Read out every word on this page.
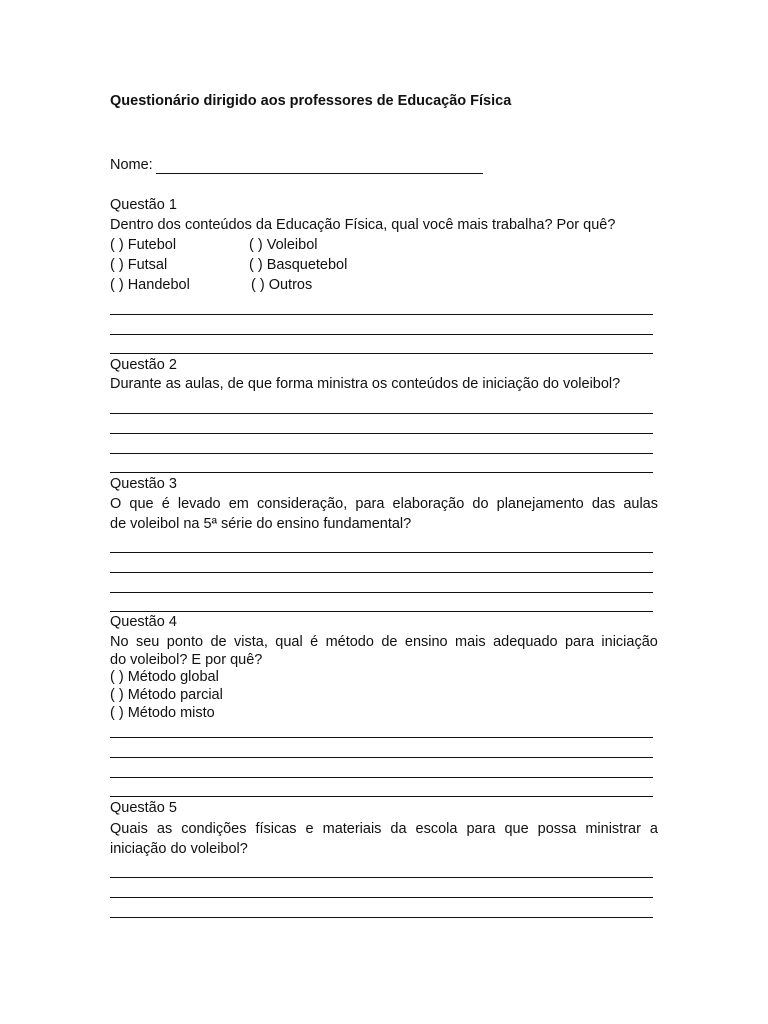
Questionário dirigido aos professores de Educação Física
Nome:
Questão 1
Dentro dos conteúdos da Educação Física, qual você mais trabalha? Por quê?
( ) Futebol	( ) Voleibol
( ) Futsal	( ) Basquetebol
( ) Handebol	( ) Outros
Questão 2
Durante as aulas, de que forma ministra os conteúdos de iniciação do voleibol?
Questão 3
O que é levado em consideração, para elaboração do planejamento das aulas
de voleibol na 5ª série do ensino fundamental?
Questão 4
No seu ponto de vista, qual é método de ensino mais adequado para iniciação
do voleibol? E por quê?
( ) Método global
( ) Método parcial
( ) Método misto
Questão 5
Quais as condições físicas e materiais da escola para que possa ministrar a
iniciação do voleibol?
